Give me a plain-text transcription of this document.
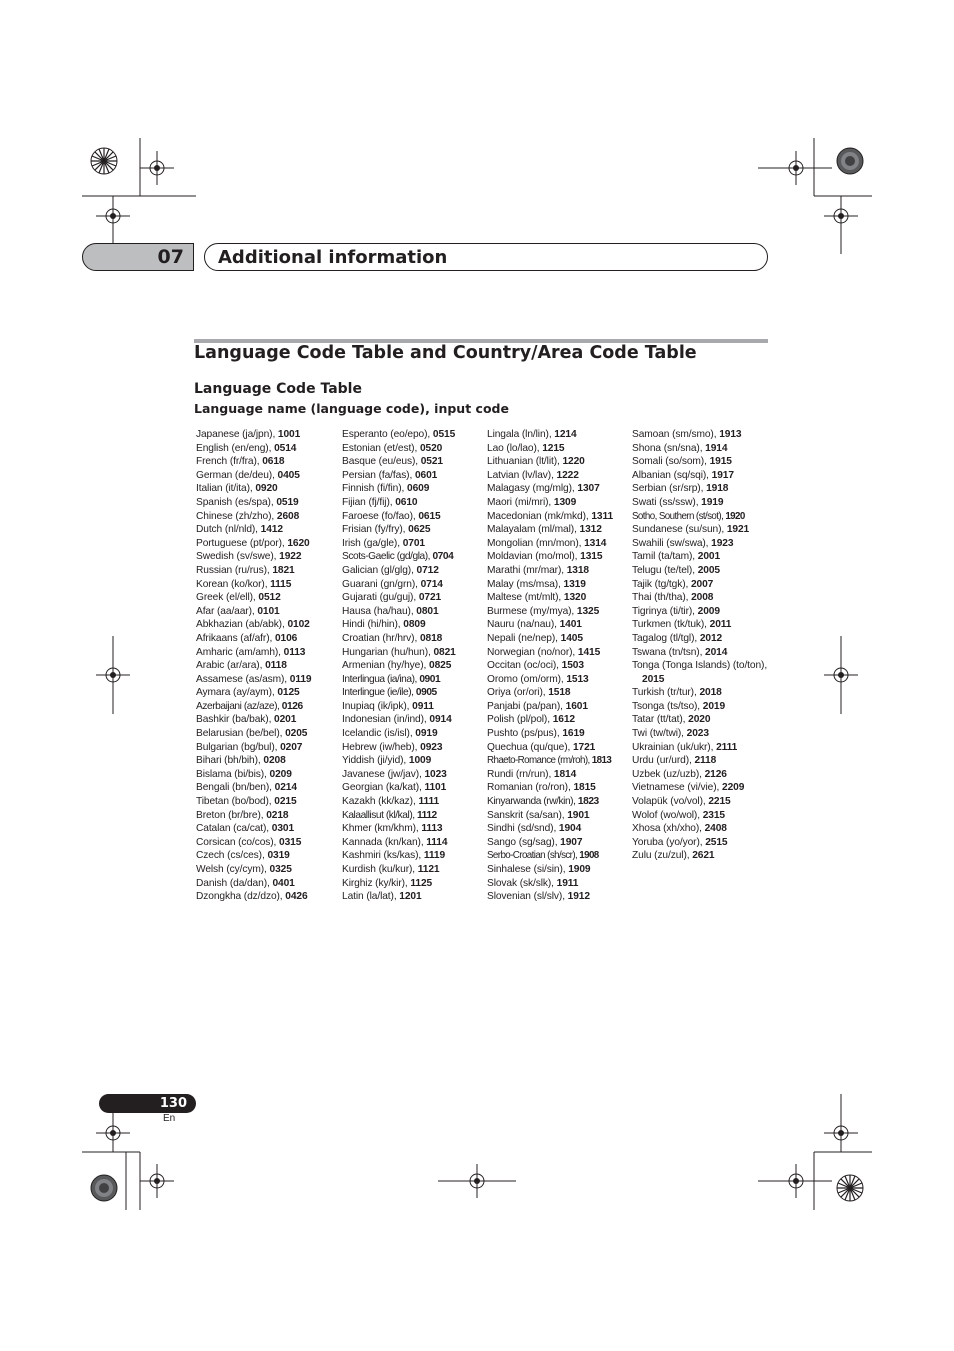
07 Additional information
Language Code Table and Country/Area Code Table
Language Code Table
Language name (language code), input code
Japanese (ja/jpn), 1001
English (en/eng), 0514
French (fr/fra), 0618
German (de/deu), 0405
Italian (it/ita), 0920
Spanish (es/spa), 0519
Chinese (zh/zho), 2608
Dutch (nl/nld), 1412
Portuguese (pt/por), 1620
Swedish (sv/swe), 1922
Russian (ru/rus), 1821
Korean (ko/kor), 1115
Greek (el/ell), 0512
Afar (aa/aar), 0101
Abkhazian (ab/abk), 0102
Afrikaans (af/afr), 0106
Amharic (am/amh), 0113
Arabic (ar/ara), 0118
Assamese (as/asm), 0119
Aymara (ay/aym), 0125
Azerbaijani (az/aze), 0126
Bashkir (ba/bak), 0201
Belarusian (be/bel), 0205
Bulgarian (bg/bul), 0207
Bihari (bh/bih), 0208
Bislama (bi/bis), 0209
Bengali (bn/ben), 0214
Tibetan (bo/bod), 0215
Breton (br/bre), 0218
Catalan (ca/cat), 0301
Corsican (co/cos), 0315
Czech (cs/ces), 0319
Welsh (cy/cym), 0325
Danish (da/dan), 0401
Dzongkha (dz/dzo), 0426
Esperanto (eo/epo), 0515
Estonian (et/est), 0520
Basque (eu/eus), 0521
Persian (fa/fas), 0601
Finnish (fi/fin), 0609
Fijian (fj/fij), 0610
Faroese (fo/fao), 0615
Frisian (fy/fry), 0625
Irish (ga/gle), 0701
Scots-Gaelic (gd/gla), 0704
Galician (gl/glg), 0712
Guarani (gn/grn), 0714
Gujarati (gu/guj), 0721
Hausa (ha/hau), 0801
Hindi (hi/hin), 0809
Croatian (hr/hrv), 0818
Hungarian (hu/hun), 0821
Armenian (hy/hye), 0825
Interlingua (ia/ina), 0901
Interlingue (ie/ile), 0905
Inupiaq (ik/ipk), 0911
Indonesian (in/ind), 0914
Icelandic (is/isl), 0919
Hebrew (iw/heb), 0923
Yiddish (ji/yid), 1009
Javanese (jw/jav), 1023
Georgian (ka/kat), 1101
Kazakh (kk/kaz), 1111
Kalaallisut (kl/kal), 1112
Khmer (km/khm), 1113
Kannada (kn/kan), 1114
Kashmiri (ks/kas), 1119
Kurdish (ku/kur), 1121
Kirghiz (ky/kir), 1125
Latin (la/lat), 1201
Lingala (ln/lin), 1214
Lao (lo/lao), 1215
Lithuanian (lt/lit), 1220
Latvian (lv/lav), 1222
Malagasy (mg/mlg), 1307
Maori (mi/mri), 1309
Macedonian (mk/mkd), 1311
Malayalam (ml/mal), 1312
Mongolian (mn/mon), 1314
Moldavian (mo/mol), 1315
Marathi (mr/mar), 1318
Malay (ms/msa), 1319
Maltese (mt/mlt), 1320
Burmese (my/mya), 1325
Nauru (na/nau), 1401
Nepali (ne/nep), 1405
Norwegian (no/nor), 1415
Occitan (oc/oci), 1503
Oromo (om/orm), 1513
Oriya (or/ori), 1518
Panjabi (pa/pan), 1601
Polish (pl/pol), 1612
Pushto (ps/pus), 1619
Quechua (qu/que), 1721
Rhaeto-Romance (rm/roh), 1813
Rundi (rn/run), 1814
Romanian (ro/ron), 1815
Kinyarwanda (rw/kin), 1823
Sanskrit (sa/san), 1901
Sindhi (sd/snd), 1904
Sango (sg/sag), 1907
Serbo-Croatian (sh/scr), 1908
Sinhalese (si/sin), 1909
Slovak (sk/slk), 1911
Slovenian (sl/slv), 1912
Samoan (sm/smo), 1913
Shona (sn/sna), 1914
Somali (so/som), 1915
Albanian (sq/sqi), 1917
Serbian (sr/srp), 1918
Swati (ss/ssw), 1919
Sotho, Southern (st/sot), 1920
Sundanese (su/sun), 1921
Swahili (sw/swa), 1923
Tamil (ta/tam), 2001
Telugu (te/tel), 2005
Tajik (tg/tgk), 2007
Thai (th/tha), 2008
Tigrinya (ti/tir), 2009
Turkmen (tk/tuk), 2011
Tagalog (tl/tgl), 2012
Tswana (tn/tsn), 2014
Tonga (Tonga Islands) (to/ton), 2015
Turkish (tr/tur), 2018
Tsonga (ts/tso), 2019
Tatar (tt/tat), 2020
Twi (tw/twi), 2023
Ukrainian (uk/ukr), 2111
Urdu (ur/urd), 2118
Uzbek (uz/uzb), 2126
Vietnamese (vi/vie), 2209
Volapük (vo/vol), 2215
Wolof (wo/wol), 2315
Xhosa (xh/xho), 2408
Yoruba (yo/yor), 2515
Zulu (zu/zul), 2621
130
En
